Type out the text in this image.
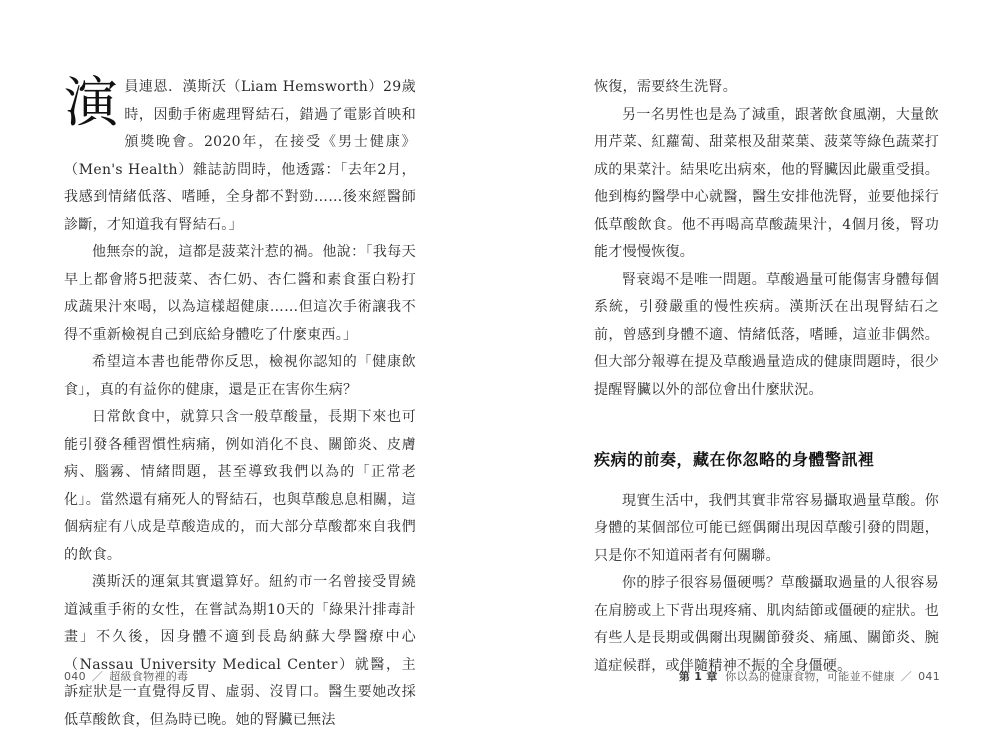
演員連恩．漢斯沃（Liam Hemsworth）29歲時，因動手術處理腎結石，錯過了電影首映和頒獎晚會。2020年，在接受《男士健康》（Men's Health）雜誌訪問時，他透露：「去年2月，我感到情緒低落、嗜睡，全身都不對勁……後來經醫師診斷，才知道我有腎結石。」

他無奈的說，這都是菠菜汁惹的禍。他說：「我每天早上都會將5把菠菜、杏仁奶、杏仁醬和素食蛋白粉打成蔬果汁來喝，以為這樣超健康……但這次手術讓我不得不重新檢視自己到底給身體吃了什麼東西。」

希望這本書也能帶你反思，檢視你認知的「健康飲食」，真的有益你的健康，還是正在害你生病？

日常飲食中，就算只含一般草酸量，長期下來也可能引發各種習慣性病痛，例如消化不良、關節炎、皮膚病、腦霧、情緒問題，甚至導致我們以為的「正常老化」。當然還有痛死人的腎結石，也與草酸息息相關，這個病症有八成是草酸造成的，而大部分草酸都來自我們的飲食。

漢斯沃的運氣其實還算好。紐約市一名曾接受胃繞道減重手術的女性，在嘗試為期10天的「綠果汁排毒計畫」不久後，因身體不適到長島納蘇大學醫療中心（Nassau University Medical Center）就醫，主訴症狀是一直覺得反胃、虛弱、沒胃口。醫生要她改採低草酸飲食，但為時已晚。她的腎臟已無法

040 ／ 超級食物裡的毒

恢復，需要終生洗腎。

另一名男性也是為了減重，跟著飲食風潮，大量飲用芹菜、紅蘿蔔、甜菜根及甜菜葉、菠菜等綠色蔬菜打成的果菜汁。結果吃出病來，他的腎臟因此嚴重受損。他到梅約醫學中心就醫，醫生安排他洗腎，並要他採行低草酸飲食。他不再喝高草酸蔬果汁，4個月後，腎功能才慢慢恢復。

腎衰竭不是唯一問題。草酸過量可能傷害身體每個系統，引發嚴重的慢性疾病。漢斯沃在出現腎結石之前，曾感到身體不適、情緒低落，嗜睡，這並非偶然。但大部分報導在提及草酸過量造成的健康問題時，很少提醒腎臟以外的部位會出什麼狀況。

疾病的前奏，藏在你忽略的身體警訊裡

現實生活中，我們其實非常容易攝取過量草酸。你身體的某個部位可能已經偶爾出現因草酸引發的問題，只是你不知道兩者有何關聯。

你的脖子很容易僵硬嗎？草酸攝取過量的人很容易在肩膀或上下背出現疼痛、肌肉結節或僵硬的症狀。也有些人是長期或偶爾出現關節發炎、痛風、關節炎、腕道症候群，或伴隨精神不振的全身僵硬。

第 1 章 你以為的健康食物，可能並不健康 ／ 041
